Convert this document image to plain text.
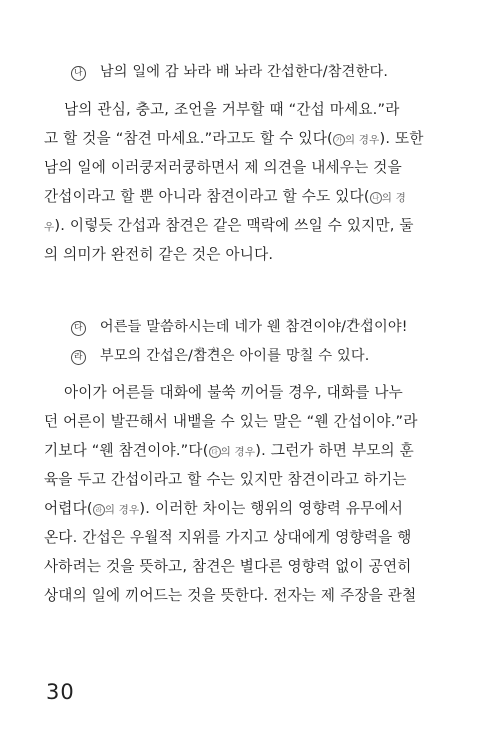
나 남의 일에 감 놔라 배 놔라 간섭한다/참견한다.

남의 관심, 충고, 조언을 거부할 때 “간섭 마세요.”라
고 할 것을 “참견 마세요.”라고도 할 수 있다( 가 의 경우). 또한
남의 일에 이러쿵저러쿵하면서 제 의견을 내세우는 것을
간섭이라고 할 뿐 아니라 참견이라고 할 수도 있다( 나 의 경
우). 이렇듯 간섭과 참견은 같은 맥락에 쓰일 수 있지만, 둘
의 의미가 완전히 같은 것은 아니다.

다 어른들 말씀하시는데 네가 웬 참견이야/△ 간△ 섭이야!

라 부모의 간섭은/△ 참△ 견은 아이를 망칠 수 있다.

아이가 어른들 대화에 불쑥 끼어들 경우, 대화를 나누
던 어른이 발끈해서 내뱉을 수 있는 말은 “웬 간섭이야.”라
기보다 “웬 참견이야.”다( 다 의 경우). 그런가 하면 부모의 훈
육을 두고 간섭이라고 할 수는 있지만 참견이라고 하기는
어렵다( 라 의 경우). 이러한 차이는 행위의 영향력 유무에서
온다. 간섭은 우월적 지위를 가지고 상대에게 영향력을 행
사하려는 것을 뜻하고, 참견은 별다른 영향력 없이 공연히
상대의 일에 끼어드는 것을 뜻한다. 전자는 제 주장을 관철
30
